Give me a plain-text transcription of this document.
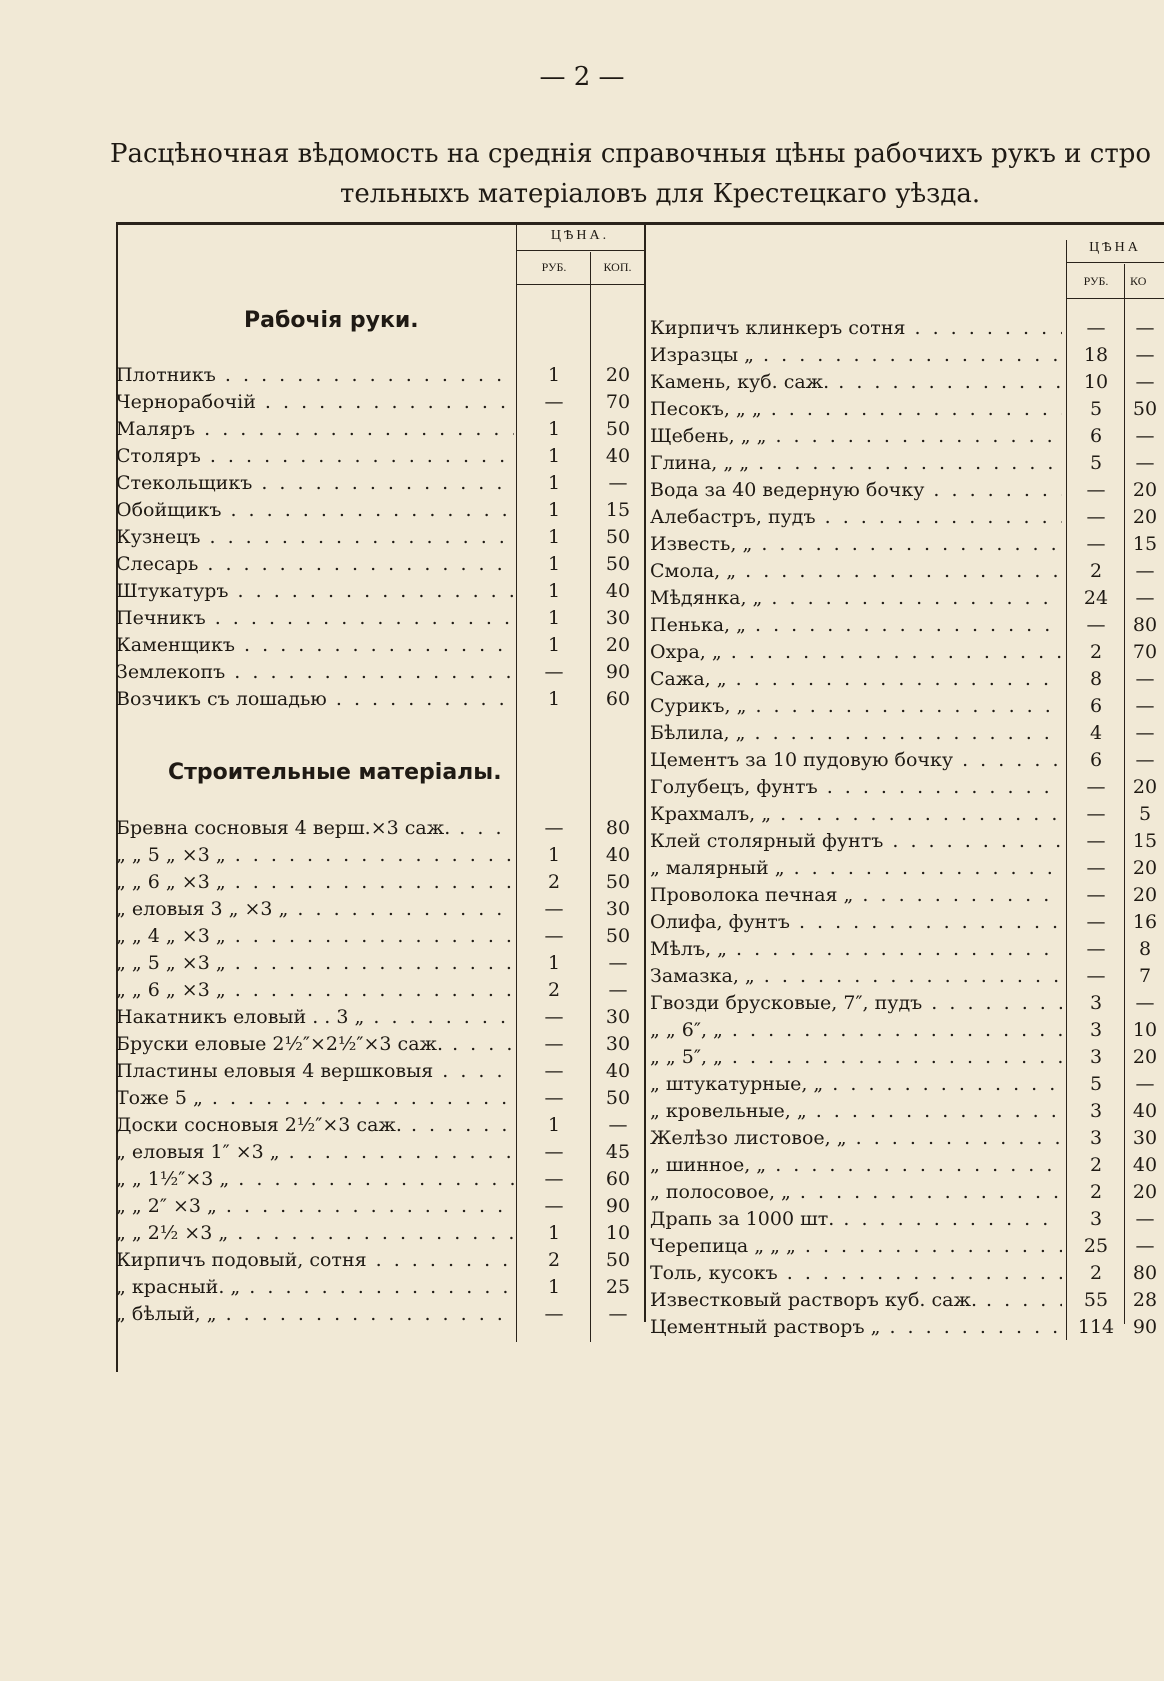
— 2 —
Расцѣночная вѣдомость на среднія справочныя цѣны рабочихъ рукъ и стро
тельныхъ матеріаловъ для Крестецкаго уѣзда.
ЦѢНА.
РУБ.	КОП.
ЦѢНА
РУБ.	КО
Рабочія руки.
Строительные матеріалы.
Плотникъ . . .	1	20
Чернорабочій . . .	—	70
Маляръ . . .	1	50
Столяръ . . .	1	40
Стекольщикъ . . .	1	—
Обойщикъ . . .	1	15
Кузнецъ . . .	1	50
Слесарь . . .	1	50
Штукатуръ . . .	1	40
Печникъ . . .	1	30
Каменщикъ . . .	1	20
Землекопъ . . .	—	90
Возчикъ съ лошадью . . .	1	60
Бревна сосновыя 4 верш.×3 саж. . . .	—	80
„ „ 5 „ ×3 „ . . .	1	40
„ „ 6 „ ×3 „ . . .	2	50
„ еловыя 3 „ ×3 „ . . .	—	30
„ „ 4 „ ×3 „ . . .	—	50
„ „ 5 „ ×3 „ . . .	1	—
„ „ 6 „ ×3 „ . . .	2	—
Накатникъ еловый . . 3 „ . . .	—	30
Бруски еловые 2½″×2½″×3 саж. . . .	—	30
Пластины еловыя 4 вершковыя . . .	—	40
Тоже 5 „ . . .	—	50
Доски сосновыя 2½″×3 саж. . . .	1	—
„ еловыя 1″ ×3 „ . . .	—	45
„ „ 1½″×3 „ . . .	—	60
„ „ 2″ ×3 „ . . .	—	90
„ „ 2½ ×3 „ . . .	1	10
Кирпичъ подовый, сотня . . .	2	50
„ красный. „ . . .	1	25
„ бѣлый, „ . . .	—	—
Кирпичъ клинкеръ сотня . . .	—	—
Изразцы „ . . .	18	—
Камень, куб. саж. . . .	10	—
Песокъ, „ „ . . .	5	50
Щебень, „ „ . . .	6	—
Глина, „ „ . . .	5	—
Вода за 40 ведерную бочку . . .	—	20
Алебастръ, пудъ . . .	—	20
Известь, „ . . .	—	15
Смола, „ . . .	2	—
Мѣдянка, „ . . .	24	—
Пенька, „ . . .	—	80
Охра, „ . . .	2	70
Сажа, „ . . .	8	—
Сурикъ, „ . . .	6	—
Бѣлила, „ . . .	4	—
Цементъ за 10 пудовую бочку . . .	6	—
Голубецъ, фунтъ . . .	—	20
Крахмалъ, „ . . .	—	5
Клей столярный фунтъ . . .	—	15
„ малярный „ . . .	—	20
Проволока печная „ . . .	—	20
Олифа, фунтъ . . .	—	16
Мѣлъ, „ . . .	—	8
Замазка, „ . . .	—	7
Гвозди брусковые, 7″, пудъ . . .	3	—
„ „ 6″, „ . . .	3	10
„ „ 5″, „ . . .	3	20
„ штукатурные, „ . . .	5	—
„ кровельные, „ . . .	3	40
Желѣзо листовое, „ . . .	3	30
„ шинное, „ . . .	2	40
„ полосовое, „ . . .	2	20
Драпь за 1000 шт. . . .	3	—
Черепица „ „ „ . . .	25	—
Толь, кусокъ . . .	2	80
Известковый растворъ куб. саж. . . .	55	28
Цементный растворъ „ . . .	114 90
